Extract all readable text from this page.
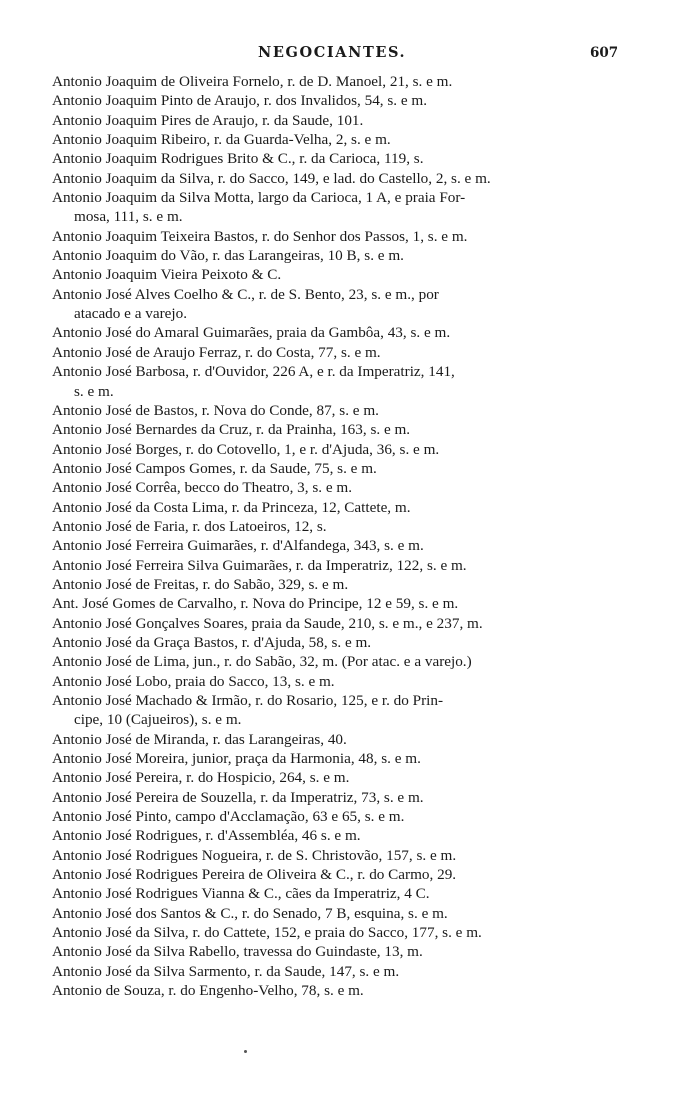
NEGOCIANTES.	607
Antonio Joaquim de Oliveira Fornelo, r. de D. Manoel, 21, s. e m.
Antonio Joaquim Pinto de Araujo, r. dos Invalidos, 54, s. e m.
Antonio Joaquim Pires de Araujo, r. da Saude, 101.
Antonio Joaquim Ribeiro, r. da Guarda-Velha, 2, s. e m.
Antonio Joaquim Rodrigues Brito & C., r. da Carioca, 119, s.
Antonio Joaquim da Silva, r. do Sacco, 149, e lad. do Castello, 2, s. e m.
Antonio Joaquim da Silva Motta, largo da Carioca, 1 A, e praia For-
mosa, 111, s. e m.
Antonio Joaquim Teixeira Bastos, r. do Senhor dos Passos, 1, s. e m.
Antonio Joaquim do Vão, r. das Larangeiras, 10 B, s. e m.
Antonio Joaquim Vieira Peixoto & C.
Antonio José Alves Coelho & C., r. de S. Bento, 23, s. e m., por
atacado e a varejo.
Antonio José do Amaral Guimarães, praia da Gambôa, 43, s. e m.
Antonio José de Araujo Ferraz, r. do Costa, 77, s. e m.
Antonio José Barbosa, r. d'Ouvidor, 226 A, e r. da Imperatriz, 141,
s. e m.
Antonio José de Bastos, r. Nova do Conde, 87, s. e m.
Antonio José Bernardes da Cruz, r. da Prainha, 163, s. e m.
Antonio José Borges, r. do Cotovello, 1, e r. d'Ajuda, 36, s. e m.
Antonio José Campos Gomes, r. da Saude, 75, s. e m.
Antonio José Corrêa, becco do Theatro, 3, s. e m.
Antonio José da Costa Lima, r. da Princeza, 12, Cattete, m.
Antonio José de Faria, r. dos Latoeiros, 12, s.
Antonio José Ferreira Guimarães, r. d'Alfandega, 343, s. e m.
Antonio José Ferreira Silva Guimarães, r. da Imperatriz, 122, s. e m.
Antonio José de Freitas, r. do Sabão, 329, s. e m.
Ant. José Gomes de Carvalho, r. Nova do Principe, 12 e 59, s. e m.
Antonio José Gonçalves Soares, praia da Saude, 210, s. e m., e 237, m.
Antonio José da Graça Bastos, r. d'Ajuda, 58, s. e m.
Antonio José de Lima, jun., r. do Sabão, 32, m. (Por atac. e a varejo.)
Antonio José Lobo, praia do Sacco, 13, s. e m.
Antonio José Machado & Irmão, r. do Rosario, 125, e r. do Prin-
cipe, 10 (Cajueiros), s. e m.
Antonio José de Miranda, r. das Larangeiras, 40.
Antonio José Moreira, junior, praça da Harmonia, 48, s. e m.
Antonio José Pereira, r. do Hospicio, 264, s. e m.
Antonio José Pereira de Souzella, r. da Imperatriz, 73, s. e m.
Antonio José Pinto, campo d'Acclamação, 63 e 65, s. e m.
Antonio José Rodrigues, r. d'Assembléa, 46 s. e m.
Antonio José Rodrigues Nogueira, r. de S. Christovão, 157, s. e m.
Antonio José Rodrigues Pereira de Oliveira & C., r. do Carmo, 29.
Antonio José Rodrigues Vianna & C., cães da Imperatriz, 4 C.
Antonio José dos Santos & C., r. do Senado, 7 B, esquina, s. e m.
Antonio José da Silva, r. do Cattete, 152, e praia do Sacco, 177, s. e m.
Antonio José da Silva Rabello, travessa do Guindaste, 13, m.
Antonio José da Silva Sarmento, r. da Saude, 147, s. e m.
Antonio de Souza, r. do Engenho-Velho, 78, s. e m.
